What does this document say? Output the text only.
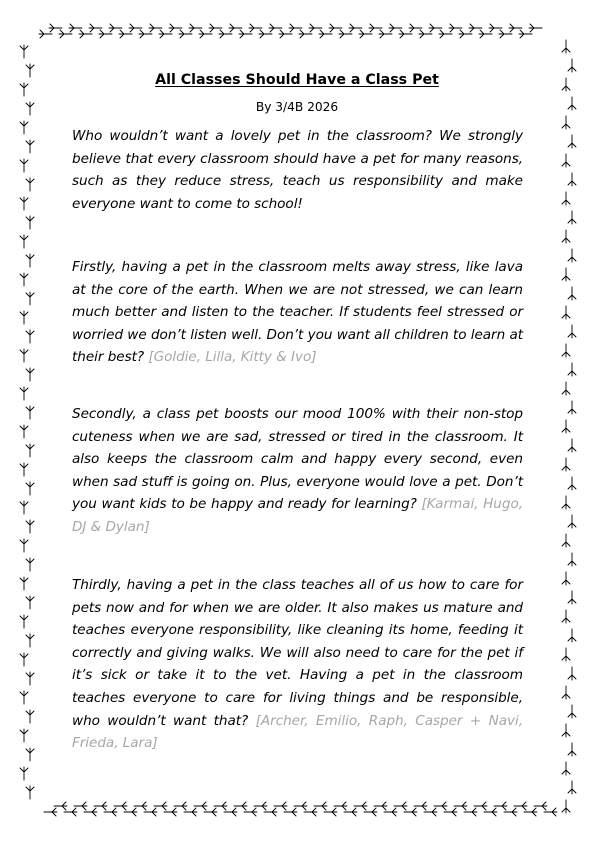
All Classes Should Have a Class Pet
By 3/4B 2026

Who wouldn’t want a lovely pet in the classroom? We strongly believe that every classroom should have a pet for many reasons, such as they reduce stress, teach us responsibility and make everyone want to come to school!

Firstly, having a pet in the classroom melts away stress, like lava at the core of the earth. When we are not stressed, we can learn much better and listen to the teacher. If students feel stressed or worried we don’t listen well. Don’t you want all children to learn at their best? [Goldie, Lilla, Kitty & Ivo]

Secondly, a class pet boosts our mood 100% with their non-stop cuteness when we are sad, stressed or tired in the classroom. It also keeps the classroom calm and happy every second, even when sad stuff is going on. Plus, everyone would love a pet. Don’t you want kids to be happy and ready for learning? [Karmai, Hugo, DJ & Dylan]

Thirdly, having a pet in the class teaches all of us how to care for pets now and for when we are older. It also makes us mature and teaches everyone responsibility, like cleaning its home, feeding it correctly and giving walks. We will also need to care for the pet if it’s sick or take it to the vet. Having a pet in the classroom teaches everyone to care for living things and be responsible, who wouldn’t want that? [Archer, Emilio, Raph, Casper + Navi, Frieda, Lara]
